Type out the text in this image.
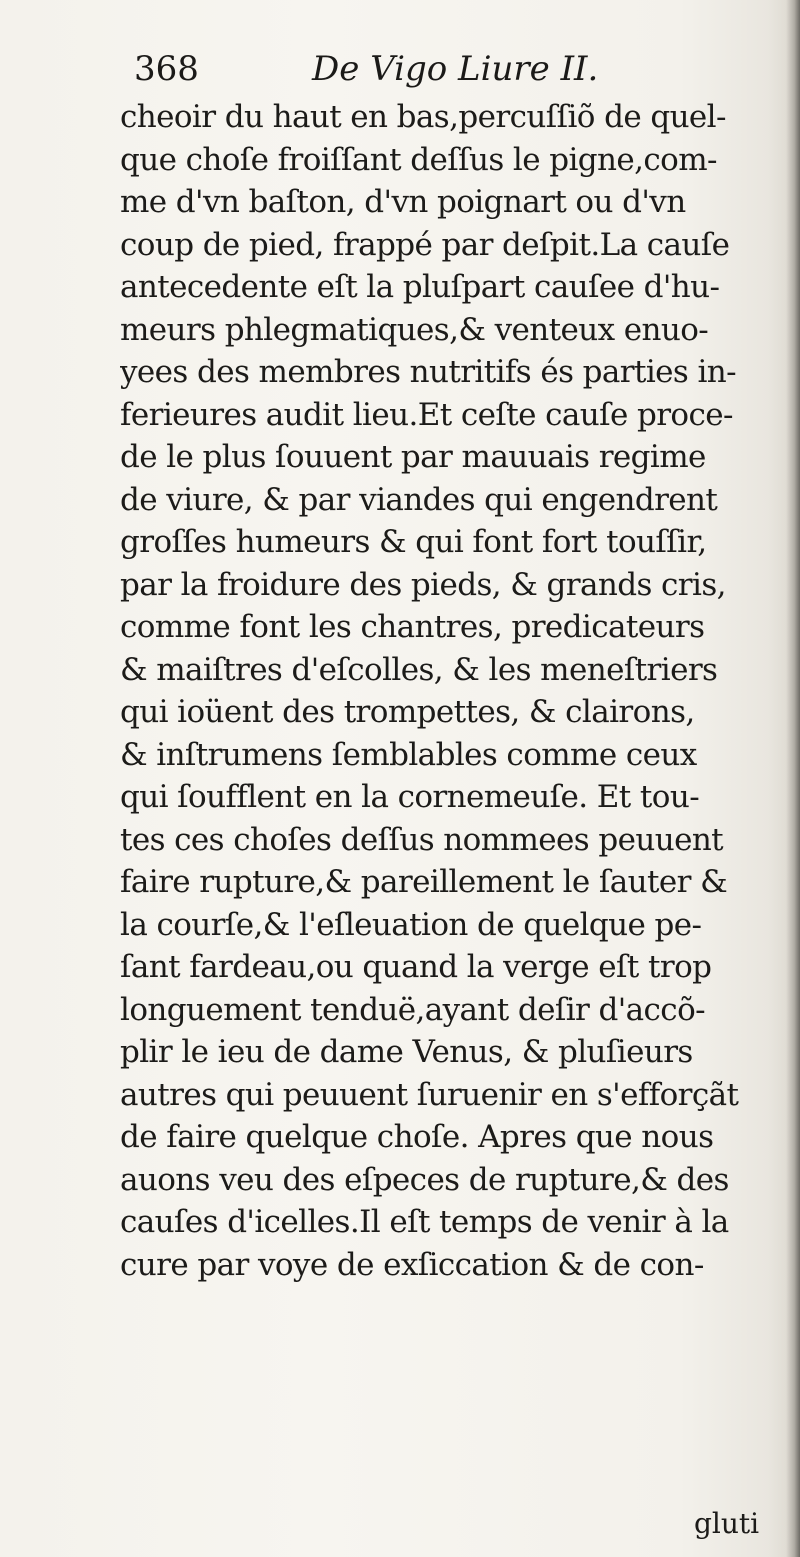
368	De Vigo Liure II.
cheoir du haut en bas,percuſſiõ de quel-
que choſe froiſſant deſſus le pigne,com-
me d'vn baſton, d'vn poignart ou d'vn
coup de pied, frappé par deſpit.La cauſe
antecedente eſt la pluſpart cauſee d'hu-
meurs phlegmatiques,& venteux enuo-
yees des membres nutritifs és parties in-
ferieures audit lieu.Et ceſte cauſe proce-
de le plus ſouuent par mauuais regime
de viure, & par viandes qui engendrent
groſſes humeurs & qui font fort touſſir,
par la froidure des pieds, & grands cris,
comme font les chantres, predicateurs
& maiſtres d'eſcolles, & les meneſtriers
qui ioüent des trompettes, & clairons,
& inſtrumens ſemblables comme ceux
qui ſoufflent en la cornemeuſe. Et tou-
tes ces choſes deſſus nommees peuuent
faire rupture,& pareillement le ſauter &
la courſe,& l'eſleuation de quelque pe-
ſant fardeau,ou quand la verge eſt trop
longuement tenduë,ayant deſir d'accõ-
plir le ieu de dame Venus, & pluſieurs
autres qui peuuent ſuruenir en s'efforçãt
de faire quelque choſe. Apres que nous
auons veu des eſpeces de rupture,& des
cauſes d'icelles.Il eſt temps de venir à la
cure par voye de exſiccation & de con-
gluti
